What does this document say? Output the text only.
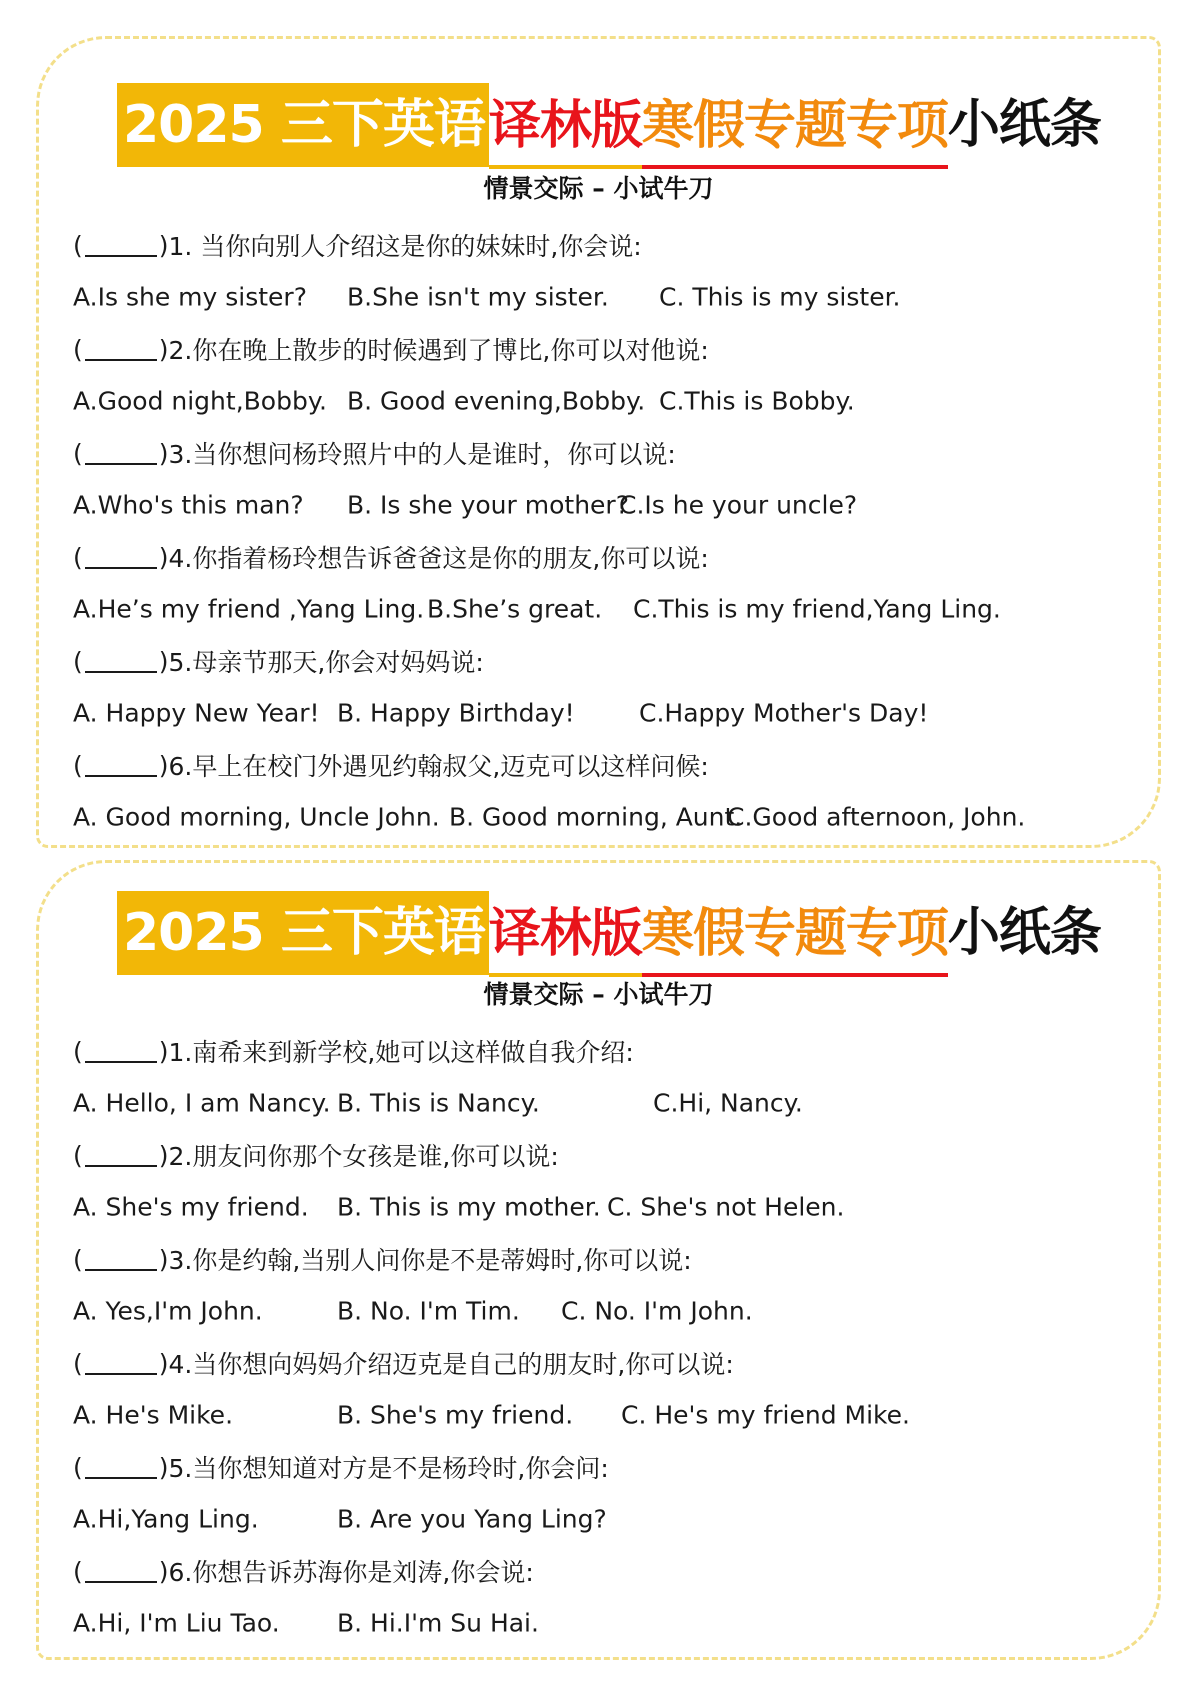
2025 三下英语 译林版 寒假专题专项 小纸条
情景交际 – 小试牛刀
(	) 1. 当你向别人介绍这是你的妹妹时,你会说:
A.Is she my sister? B.She isn't my sister. C. This is my sister.
(	) 2.你在晚上散步的时候遇到了博比,你可以对他说:
A.Good night,Bobby. B. Good evening,Bobby. C.This is Bobby.
(	) 3.当你想问杨玲照片中的人是谁时，你可以说:
A.Who's this man? B. Is she your mother?
C.Is he your uncle?
(	) 4.你指着杨玲想告诉爸爸这是你的朋友,你可以说:
A.He’s my friend ,Yang Ling. B.She’s great. C.This is my friend,Yang Ling.
(	) 5.母亲节那天,你会对妈妈说:
A. Happy New Year! B. Happy Birthday!	C.Happy Mother's Day!
(	) 6.早上在校门外遇见约翰叔父,迈克可以这样问候:
A. Good morning, Uncle John. B. Good morning, Aunt.
C.Good afternoon, John.
2025 三下英语 译林版 寒假专题专项 小纸条
情景交际 – 小试牛刀
(	) 1.南希来到新学校,她可以这样做自我介绍:
A. Hello, I am Nancy. B. This is Nancy.	C.Hi, Nancy.
(	) 2.朋友问你那个女孩是谁,你可以说:
A. She's my friend. B. This is my mother. C. She's not Helen.
(	) 3.你是约翰,当别人问你是不是蒂姆时,你可以说:
A. Yes,I'm John.	B. No. I'm Tim. C. No. I'm John.
(	) 4.当你想向妈妈介绍迈克是自己的朋友时,你可以说:
A. He's Mike.	B. She's my friend. C. He's my friend Mike.
(	) 5.当你想知道对方是不是杨玲时,你会问:
A.Hi,Yang Ling.	B. Are you Yang Ling?
(	) 6.你想告诉苏海你是刘涛,你会说:
A.Hi, I'm Liu Tao. B. Hi.I'm Su Hai.
